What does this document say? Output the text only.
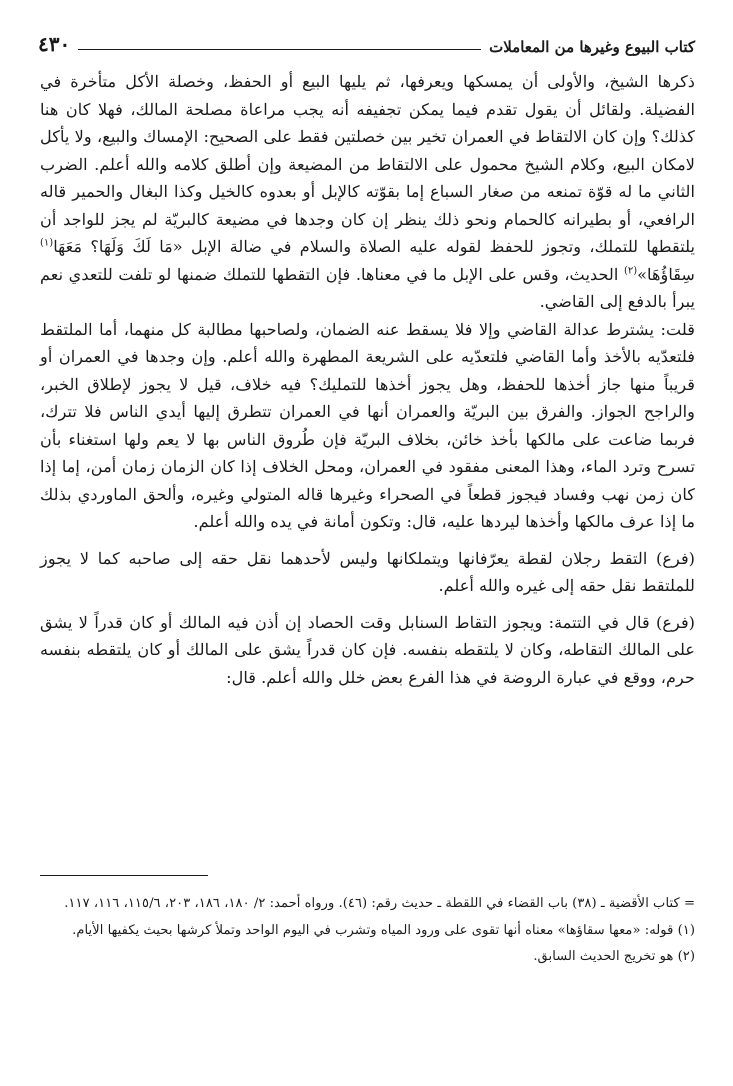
كتاب البيوع وغيرها من المعاملات
٤٣٠

ذكرها الشيخ، والأولى أن يمسكها ويعرفها، ثم يليها البيع أو الحفظ، وخصلة الأكل متأخرة في الفضيلة. ولقائل أن يقول تقدم فيما يمكن تجفيفه أنه يجب مراعاة مصلحة المالك، فهلا كان هنا كذلك؟ وإن كان الالتقاط في العمران تخير بين خصلتين فقط على الصحيح: الإمساك والبيع، ولا يأكل لامكان البيع، وكلام الشيخ محمول على الالتقاط من المضيعة وإن أطلق كلامه والله أعلم. الضرب الثاني ما له قوّة تمنعه من صغار السباع إما بقوّته كالإبل أو بعدوه كالخيل وكذا البغال والحمير قاله الرافعي، أو بطيرانه كالحمام ونحو ذلك ينظر إن كان وجدها في مضيعة كالبريّة لم يجز للواجد أن يلتقطها للتملك، وتجوز للحفظ لقوله عليه الصلاة والسلام في ضالة الإبل «مَا لَكَ وَلَهَا؟ مَعَهَا$^{(١)}$ سِقَاؤُهَا»$^{(٢)}$ الحديث، وقس على الإبل ما في معناها. فإن التقطها للتملك ضمنها لو تلفت للتعدي نعم يبرأ بالدفع إلى القاضي.

قلت: يشترط عدالة القاضي وإلا فلا يسقط عنه الضمان، ولصاحبها مطالبة كل منهما، أما الملتقط فلتعدّيه بالأخذ وأما القاضي فلتعدّيه على الشريعة المطهرة والله أعلم. وإن وجدها في العمران أو قريباً منها جاز أخذها للحفظ، وهل يجوز أخذها للتمليك؟ فيه خلاف، قيل لا يجوز لإطلاق الخبر، والراجح الجواز. والفرق بين البريّة والعمران أنها في العمران تتطرق إليها أيدي الناس فلا تترك، فربما ضاعت على مالكها بأخذ خائن، بخلاف البريّة فإن طُروق الناس بها لا يعم ولها استغناء بأن تسرح وترد الماء، وهذا المعنى مفقود في العمران، ومحل الخلاف إذا كان الزمان زمان أمن، إما إذا كان زمن نهب وفساد فيجوز قطعاً في الصحراء وغيرها قاله المتولي وغيره، وألحق الماوردي بذلك ما إذا عرف مالكها وأخذها ليردها عليه، قال: وتكون أمانة في يده والله أعلم.

(فرع) التقط رجلان لقطة يعرّفانها ويتملكانها وليس لأحدهما نقل حقه إلى صاحبه كما لا يجوز للملتقط نقل حقه إلى غيره والله أعلم.

(فرع) قال في التتمة: ويجوز التقاط السنابل وقت الحصاد إن أذن فيه المالك أو كان قدراً لا يشق على المالك التقاطه، وكان لا يلتقطه بنفسه. فإن كان قدراً يشق على المالك أو كان يلتقطه بنفسه حرم، ووقع في عبارة الروضة في هذا الفرع بعض خلل والله أعلم. قال:

= كتاب الأقضية ـ (٣٨) باب القضاء في اللقطة ـ حديث رقم: (٤٦). ورواه أحمد: ٢/ ١٨٠، ١٨٦، ٢٠٣، ١١٥/٦، ١١٦، ١١٧.

(١) قوله: «معها سقاؤها» معناه أنها تقوى على ورود المياه وتشرب في اليوم الواحد وتملأ كرشها بحيث يكفيها الأيام.

(٢) هو تخريج الحديث السابق.
